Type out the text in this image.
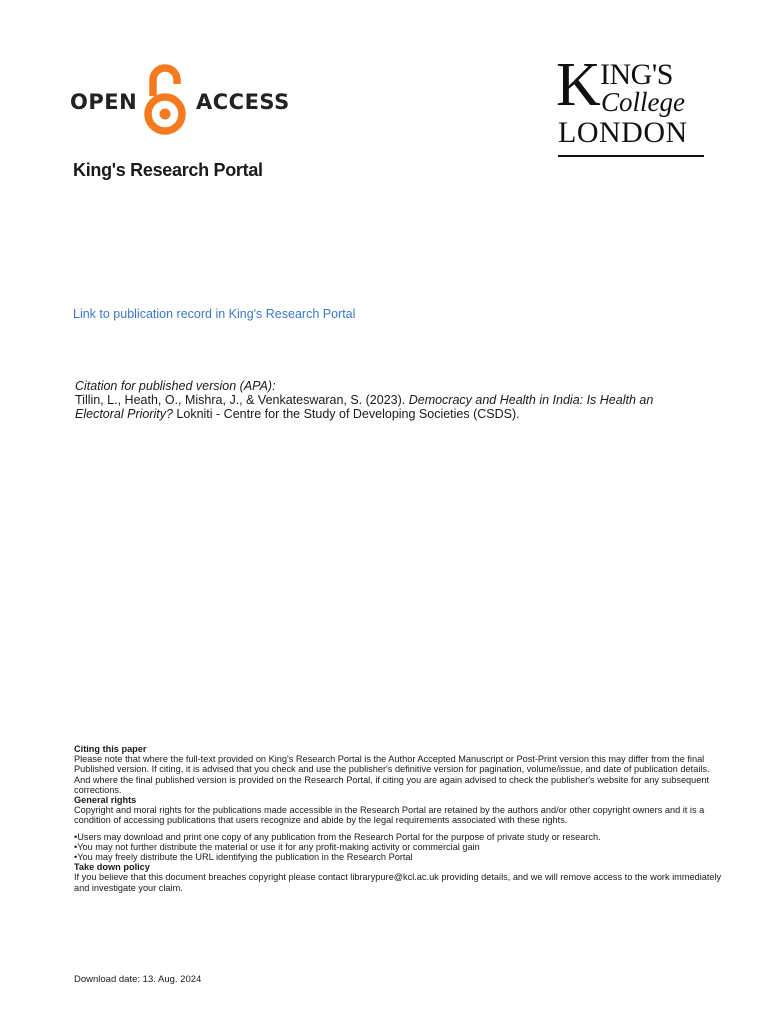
OPEN	ACCESS	K ING'S
College
LONDON
King's Research Portal
Link to publication record in King's Research Portal
Citation for published version (APA):
Tillin, L., Heath, O., Mishra, J., & Venkateswaran, S. (2023). Democracy and Health in India: Is Health an Electoral Priority? Lokniti - Centre for the Study of Developing Societies (CSDS).
Citing this paper

Please note that where the full-text provided on King's Research Portal is the Author Accepted Manuscript or Post-Print version this may differ from the final Published version. If citing, it is advised that you check and use the publisher's definitive version for pagination, volume/issue, and date of publication details. And where the final published version is provided on the Research Portal, if citing you are again advised to check the publisher's website for any subsequent corrections.

General rights

Copyright and moral rights for the publications made accessible in the Research Portal are retained by the authors and/or other copyright owners and it is a condition of accessing publications that users recognize and abide by the legal requirements associated with these rights.

•Users may download and print one copy of any publication from the Research Portal for the purpose of private study or research.
•You may not further distribute the material or use it for any profit-making activity or commercial gain
•You may freely distribute the URL identifying the publication in the Research Portal
Take down policy

If you believe that this document breaches copyright please contact librarypure@kcl.ac.uk providing details, and we will remove access to the work immediately and investigate your claim.

Download date: 13. Aug. 2024
